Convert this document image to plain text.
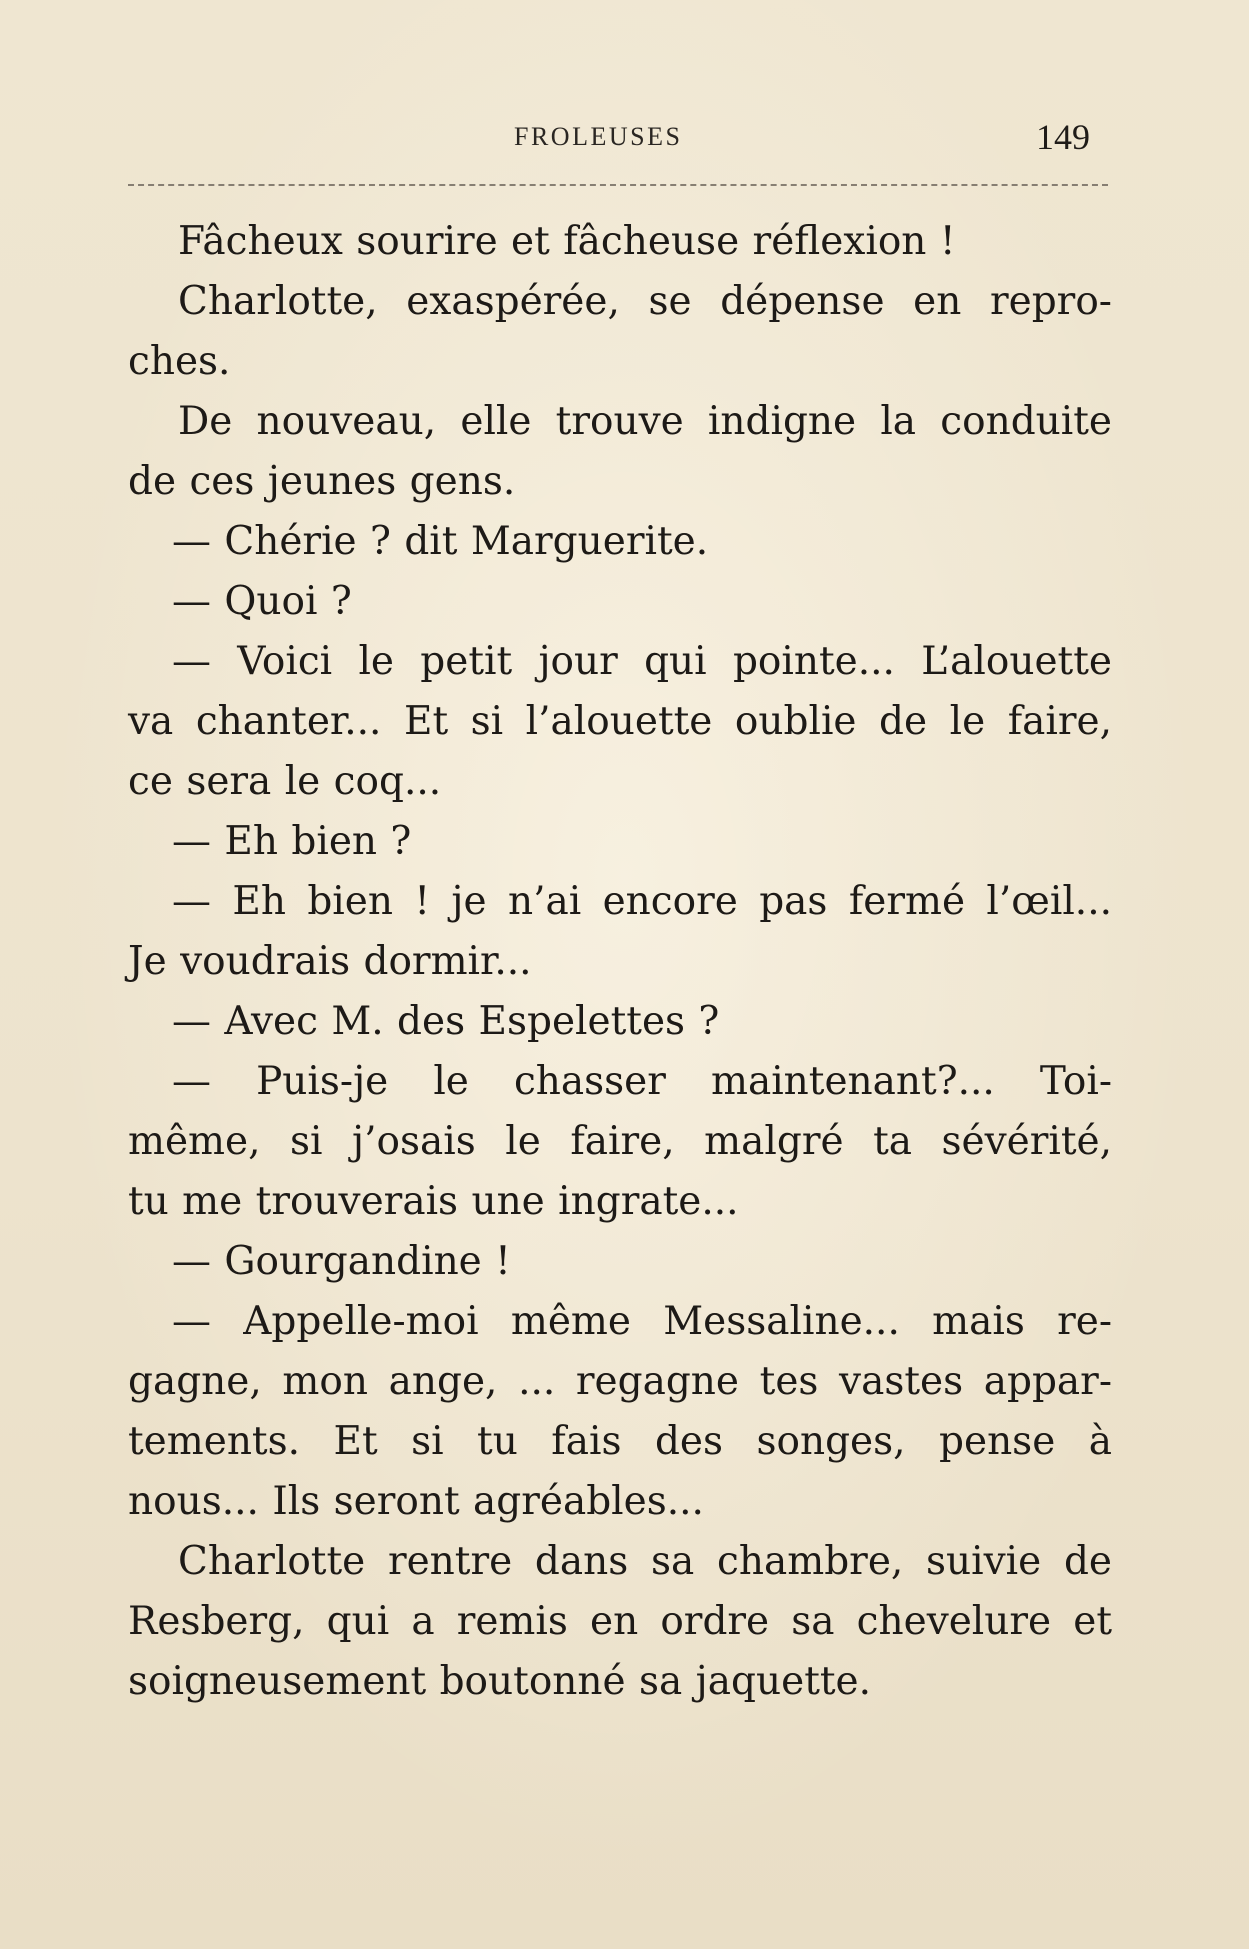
FROLEUSES	149
Fâcheux sourire et fâcheuse réflexion !
Charlotte, exaspérée, se dépense en repro-
ches.
De nouveau, elle trouve indigne la conduite
de ces jeunes gens.
— Chérie ? dit Marguerite.
— Quoi ?
— Voici le petit jour qui pointe... L’alouette
va chanter... Et si l’alouette oublie de le faire,
ce sera le coq...
— Eh bien ?
— Eh bien ! je n’ai encore pas fermé l’œil...
Je voudrais dormir...
— Avec M. des Espelettes ?
— Puis-je le chasser maintenant?... Toi-
même, si j’osais le faire, malgré ta sévérité,
tu me trouverais une ingrate...
— Gourgandine !
— Appelle-moi même Messaline... mais re-
gagne, mon ange, ... regagne tes vastes appar-
tements. Et si tu fais des songes, pense à
nous... Ils seront agréables...
Charlotte rentre dans sa chambre, suivie de
Resberg, qui a remis en ordre sa chevelure et
soigneusement boutonné sa jaquette.
